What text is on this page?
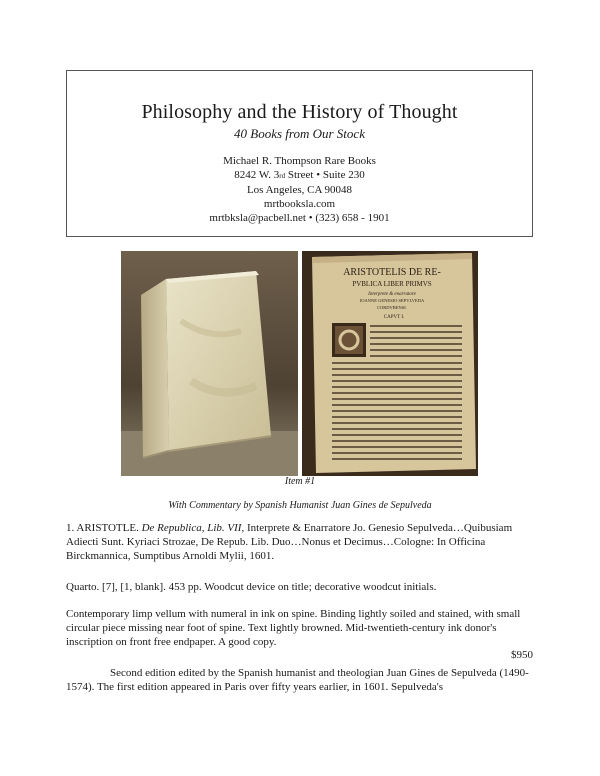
Philosophy and the History of Thought
40 Books from Our Stock
Michael R. Thompson Rare Books
8242 W. 3rd Street • Suite 230
Los Angeles, CA 90048
mrtbooksla.com
mrtbksla@pacbell.net • (323) 658 - 1901
ARISTOTELIS DE RE-
PVBLICA LIBER PRIMVS
Interprete & enarratore
IOANNE GENESIO SEPVLVEDA
CORDVBENSI.
CAPVT I.
Item #1
With Commentary by Spanish Humanist Juan Gines de Sepulveda
1. ARISTOTLE. De Republica, Lib. VII, Interprete & Enarratore Jo. Genesio Sepulveda…Quibusiam Adiecti Sunt. Kyriaci Strozae, De Repub. Lib. Duo…Nonus et Decimus…Cologne: In Officina Birckmannica, Sumptibus Arnoldi Mylii, 1601.
Quarto. [7], [1, blank]. 453 pp. Woodcut device on title; decorative woodcut initials.
Contemporary limp vellum with numeral in ink on spine. Binding lightly soiled and stained, with small circular piece missing near foot of spine. Text lightly browned. Mid-twentieth-century ink donor's inscription on front free endpaper. A good copy.
$950
Second edition edited by the Spanish humanist and theologian Juan Gines de Sepulveda (1490-1574). The first edition appeared in Paris over fifty years earlier, in 1601. Sepulveda's
